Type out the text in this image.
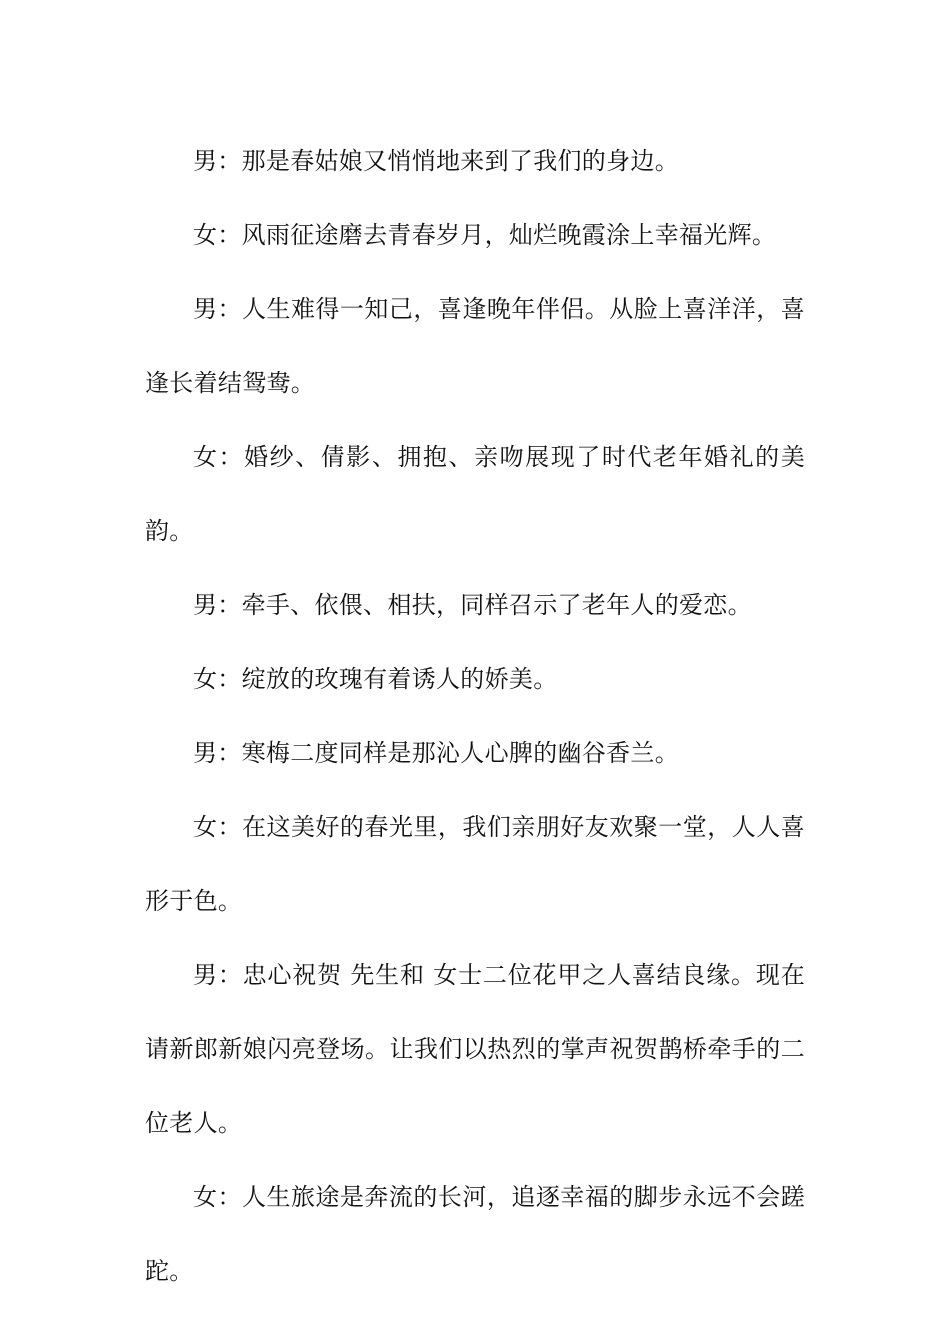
男：那是春姑娘又悄悄地来到了我们的身边。

女：风雨征途磨去青春岁月，灿烂晚霞涂上幸福光辉。

男：人生难得一知己，喜逢晚年伴侣。从脸上喜洋洋，喜逢长着结鸳鸯。

女：婚纱、倩影、拥抱、亲吻展现了时代老年婚礼的美韵。

男：牵手、依偎、相扶，同样召示了老年人的爱恋。

女：绽放的玫瑰有着诱人的娇美。

男：寒梅二度同样是那沁人心脾的幽谷香兰。

女：在这美好的春光里，我们亲朋好友欢聚一堂，人人喜形于色。

男：忠心祝贺 先生和 女士二位花甲之人喜结良缘。现在请新郎新娘闪亮登场。让我们以热烈的掌声祝贺鹊桥牵手的二位老人。

女：人生旅途是奔流的长河，追逐幸福的脚步永远不会蹉跎。
